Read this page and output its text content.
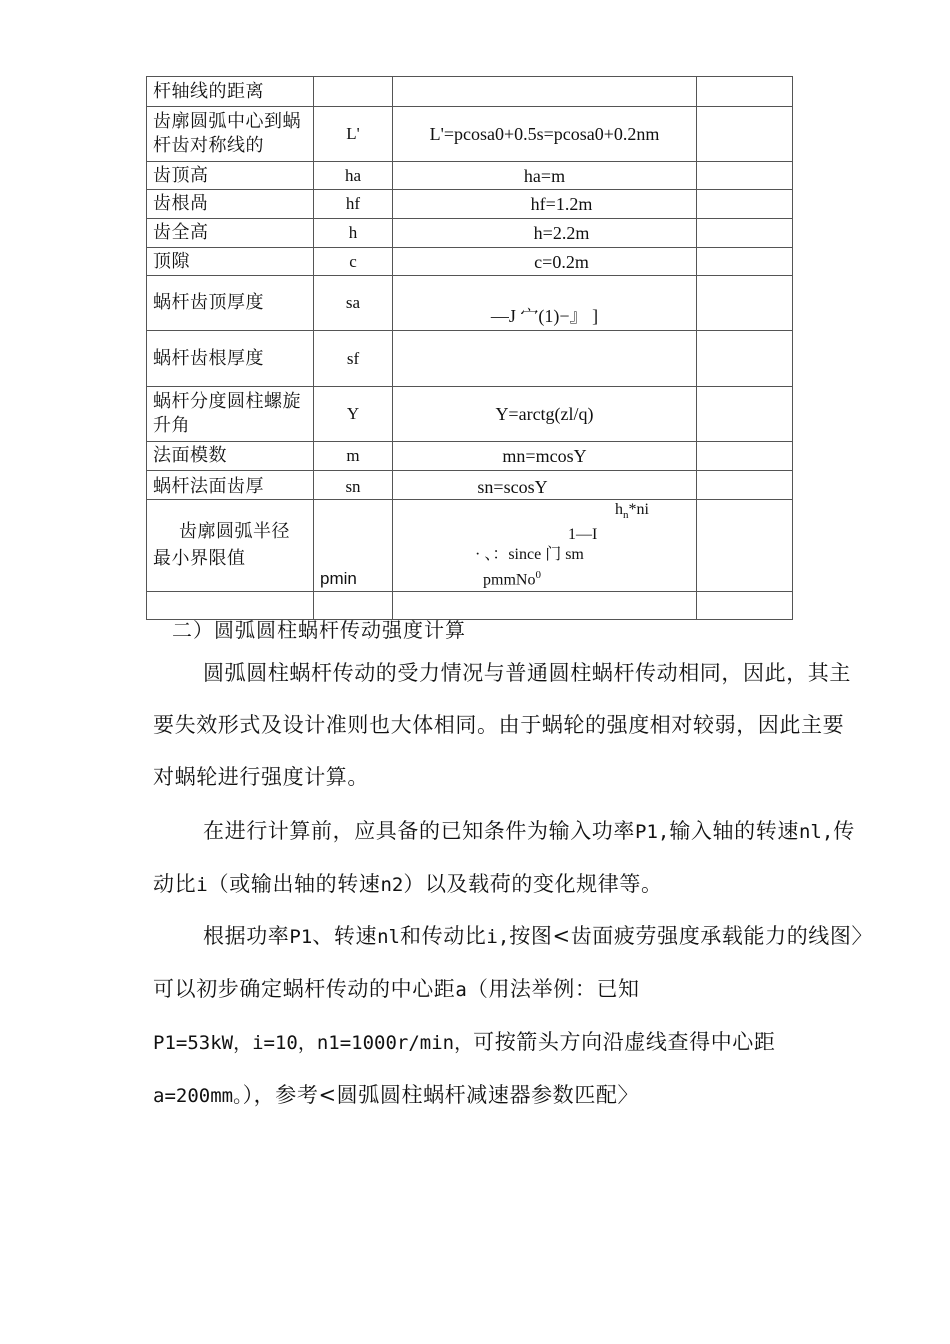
杆轴线的距离			
齿廓圆弧中心到蜗杆齿对称线的	L'	L'=pcosa0+0.5s=pcosa0+0.2nm	
齿顶高	ha	ha=m	
齿根咼	hf	hf=1.2m	
齿全高	h	h=2.2m	
顶隙	c	c=0.2m	
蜗杆齿顶厚度	sa	—J 宀(1)−』 ]	
蜗杆齿根厚度	sf		
蜗杆分度圆柱螺旋升角	Y	Y=arctg(zl/q)	
法面模数	m	mn=mcosY	
蜗杆法面齿厚	sn	sn=scosY	
齿廓圆弧半径最小界限值	pmin	$h_n*ni$
1—I
· 、：since 门 sm
pmmNo$^0$

二）圆弧圆柱蜗杆传动强度计算

圆弧圆柱蜗杆传动的受力情况与普通圆柱蜗杆传动相同，因此，其主要失效形式及设计准则也大体相同。由于蜗轮的强度相对较弱，因此主要对蜗轮进行强度计算。

在进行计算前，应具备的已知条件为输入功率P1,输入轴的转速nl,传动比i（或输出轴的转速n2）以及载荷的变化规律等。

根据功率P1、转速nl和传动比i,按图<齿面疲劳强度承载能力的线图〉可以初步确定蜗杆传动的中心距a（用法举例：已知
P1=53kW，i=10，n1=1000r/min，可按箭头方向沿虚线查得中心距
a=200mm。），参考<圆弧圆柱蜗杆减速器参数匹配〉
